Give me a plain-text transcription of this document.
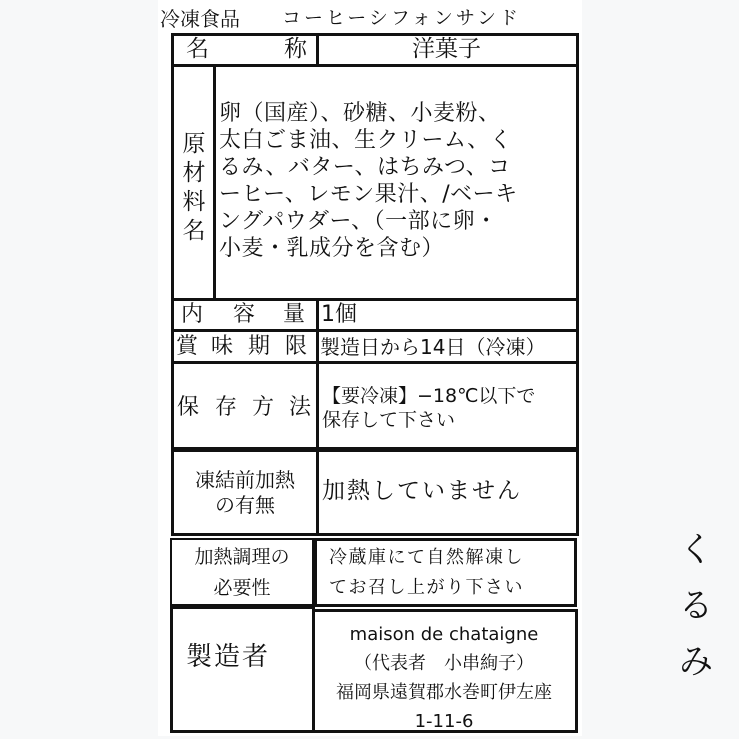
冷凍食品 コーヒーシフォンサンド
名	称	洋菓子
原
材
料
名
卵（国産）、砂糖、小麦粉、
太白ごま油、生クリーム、く
るみ、バター、はちみつ、コ
ーヒー、レモン果汁、/ベーキ
ングパウダー、（一部に卵・
小麦・乳成分を含む）
内 容 量 1個
賞 味 期 限 製造日から14日（冷凍）
保 存 方 法 【要冷凍】−18℃以下で
保存して下さい
凍結前加熱
の有無
加熱していません
加熱調理の
必要性
冷蔵庫にて自然解凍し
てお召し上がり下さい
製造者
maison de chataigne
（代表者　小串絢子）
福岡県遠賀郡水巻町伊左座
1-11-6
く
る
み
